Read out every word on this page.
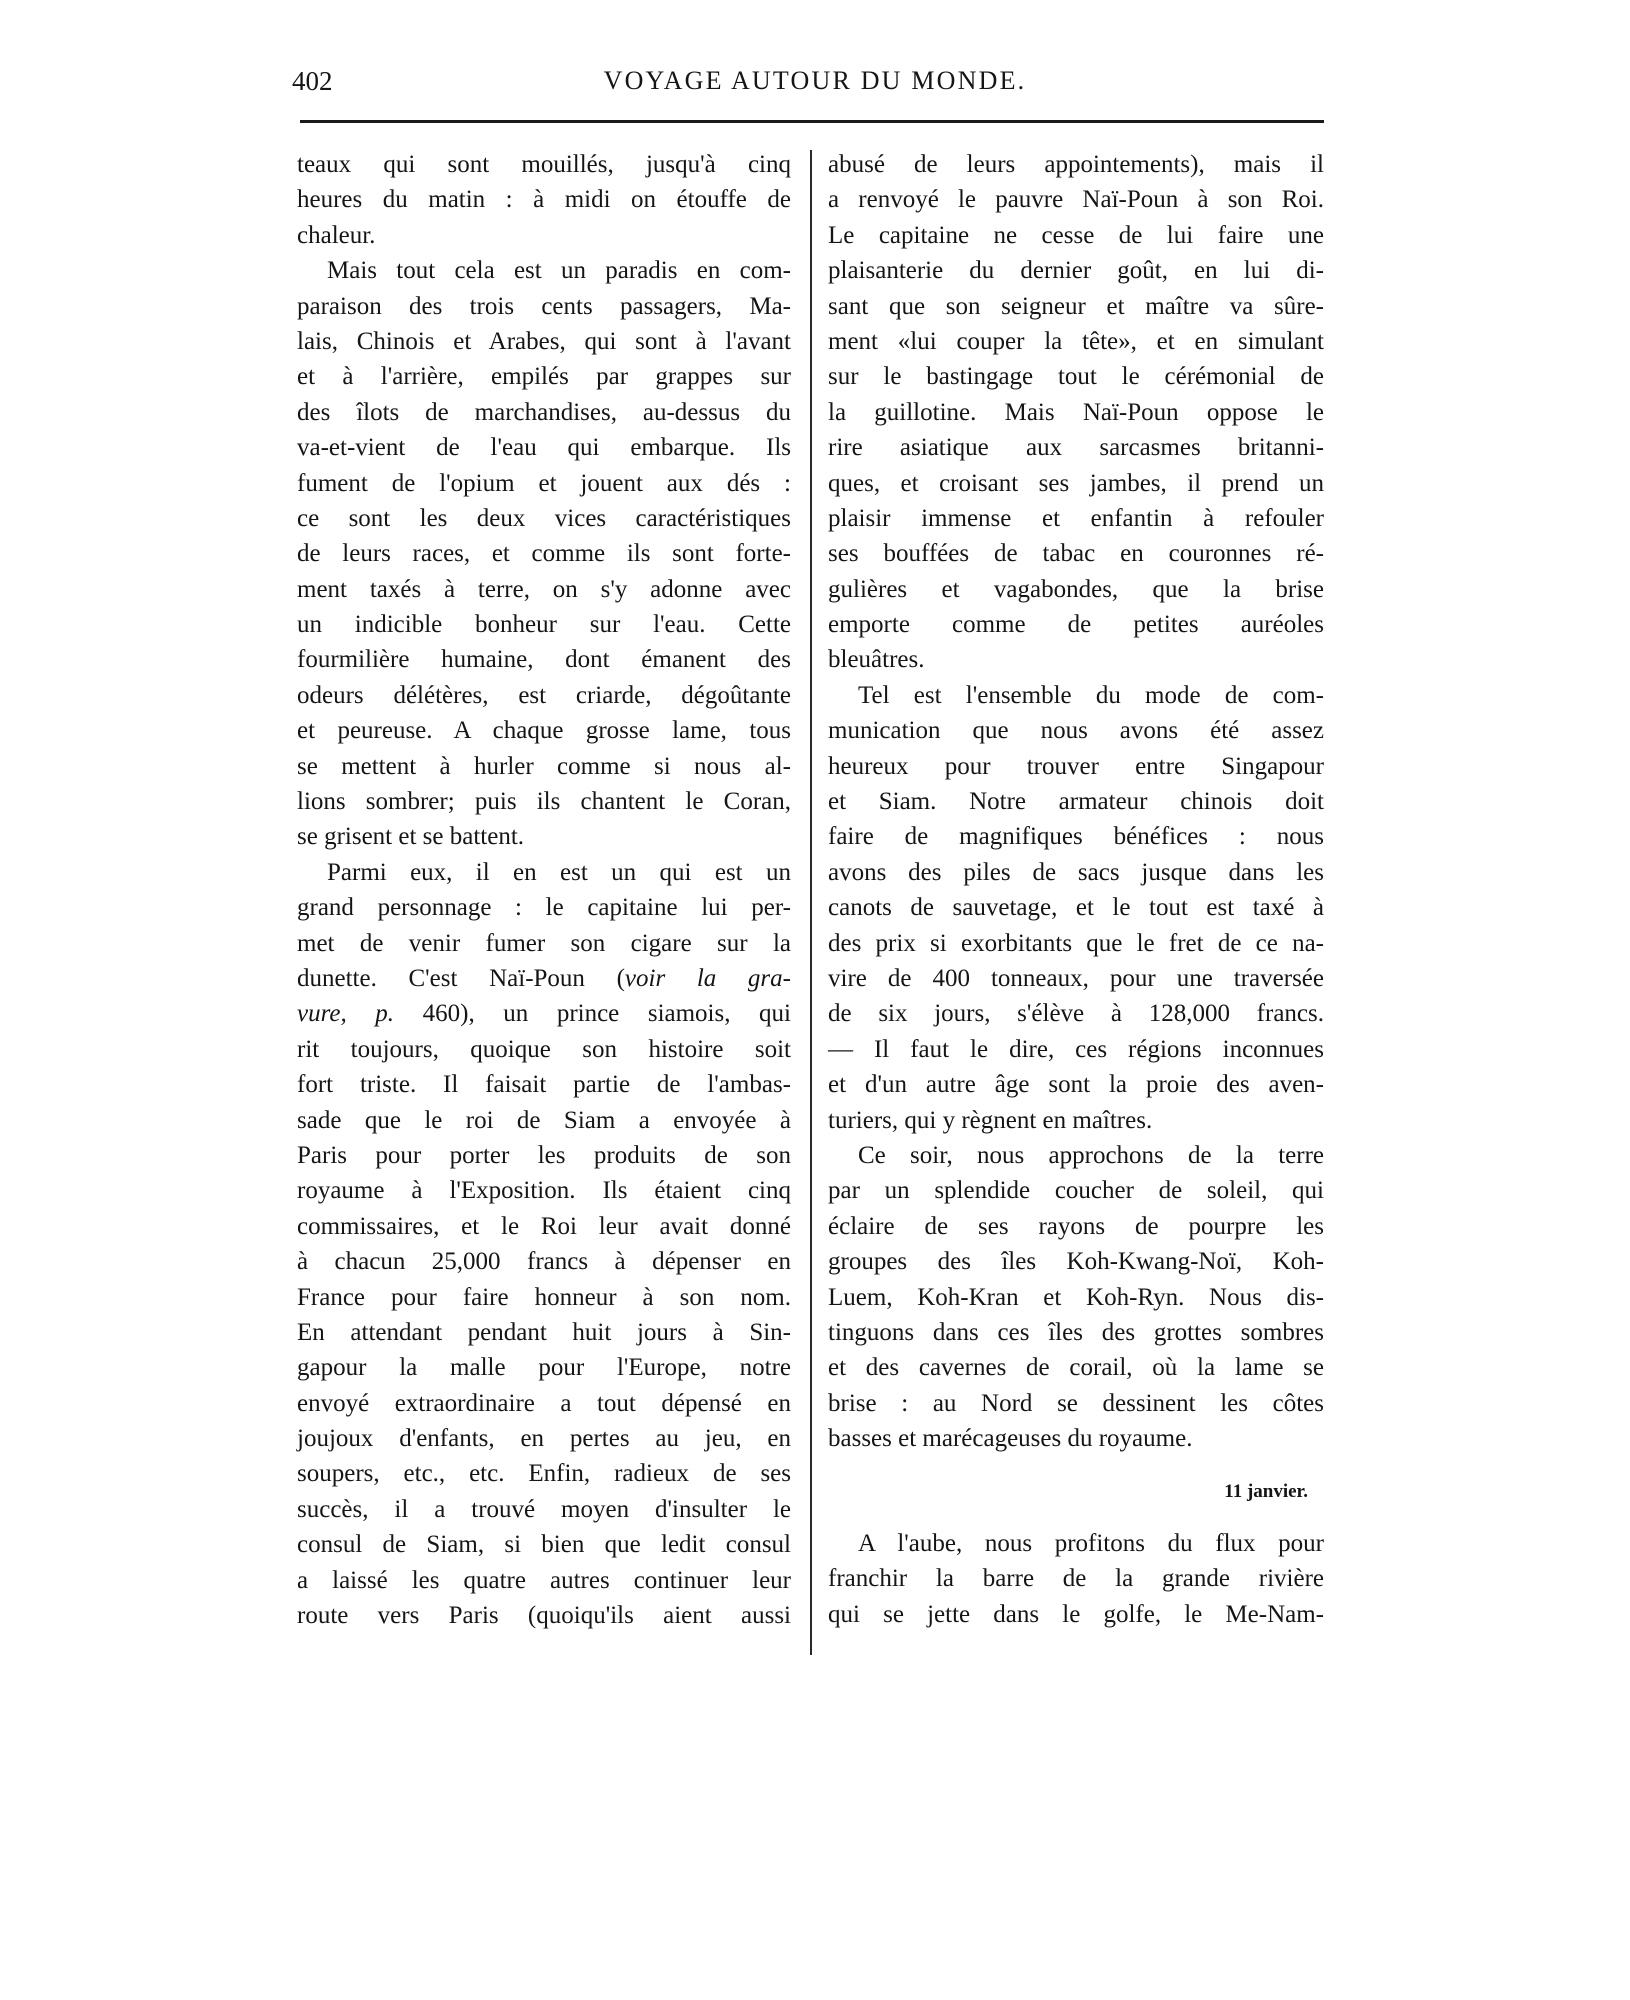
402	VOYAGE AUTOUR DU MONDE.
teaux qui sont mouillés, jusqu'à cinq
heures du matin : à midi on étouffe de
chaleur.
Mais tout cela est un paradis en com-
paraison des trois cents passagers, Ma-
lais, Chinois et Arabes, qui sont à l'avant
et à l'arrière, empilés par grappes sur
des îlots de marchandises, au-dessus du
va-et-vient de l'eau qui embarque. Ils
fument de l'opium et jouent aux dés :
ce sont les deux vices caractéristiques
de leurs races, et comme ils sont forte-
ment taxés à terre, on s'y adonne avec
un indicible bonheur sur l'eau. Cette
fourmilière humaine, dont émanent des
odeurs délétères, est criarde, dégoûtante
et peureuse. A chaque grosse lame, tous
se mettent à hurler comme si nous al-
lions sombrer; puis ils chantent le Coran,
se grisent et se battent.
Parmi eux, il en est un qui est un
grand personnage : le capitaine lui per-
met de venir fumer son cigare sur la
dunette. C'est Naï-Poun (voir la gra-
vure, p. 460), un prince siamois, qui
rit toujours, quoique son histoire soit
fort triste. Il faisait partie de l'ambas-
sade que le roi de Siam a envoyée à
Paris pour porter les produits de son
royaume à l'Exposition. Ils étaient cinq
commissaires, et le Roi leur avait donné
à chacun 25,000 francs à dépenser en
France pour faire honneur à son nom.
En attendant pendant huit jours à Sin-
gapour la malle pour l'Europe, notre
envoyé extraordinaire a tout dépensé en
joujoux d'enfants, en pertes au jeu, en
soupers, etc., etc. Enfin, radieux de ses
succès, il a trouvé moyen d'insulter le
consul de Siam, si bien que ledit consul
a laissé les quatre autres continuer leur
route vers Paris (quoiqu'ils aient aussi
abusé de leurs appointements), mais il
a renvoyé le pauvre Naï-Poun à son Roi.
Le capitaine ne cesse de lui faire une
plaisanterie du dernier goût, en lui di-
sant que son seigneur et maître va sûre-
ment «lui couper la tête», et en simulant
sur le bastingage tout le cérémonial de
la guillotine. Mais Naï-Poun oppose le
rire asiatique aux sarcasmes britanni-
ques, et croisant ses jambes, il prend un
plaisir immense et enfantin à refouler
ses bouffées de tabac en couronnes ré-
gulières et vagabondes, que la brise
emporte comme de petites auréoles
bleuâtres.
Tel est l'ensemble du mode de com-
munication que nous avons été assez
heureux pour trouver entre Singapour
et Siam. Notre armateur chinois doit
faire de magnifiques bénéfices : nous
avons des piles de sacs jusque dans les
canots de sauvetage, et le tout est taxé à
des prix si exorbitants que le fret de ce na-
vire de 400 tonneaux, pour une traversée
de six jours, s'élève à 128,000 francs.
— Il faut le dire, ces régions inconnues
et d'un autre âge sont la proie des aven-
turiers, qui y règnent en maîtres.
Ce soir, nous approchons de la terre
par un splendide coucher de soleil, qui
éclaire de ses rayons de pourpre les
groupes des îles Koh-Kwang-Noï, Koh-
Luem, Koh-Kran et Koh-Ryn. Nous dis-
tinguons dans ces îles des grottes sombres
et des cavernes de corail, où la lame se
brise : au Nord se dessinent les côtes
basses et marécageuses du royaume.
11 janvier.
A l'aube, nous profitons du flux pour
franchir la barre de la grande rivière
qui se jette dans le golfe, le Me-Nam-
